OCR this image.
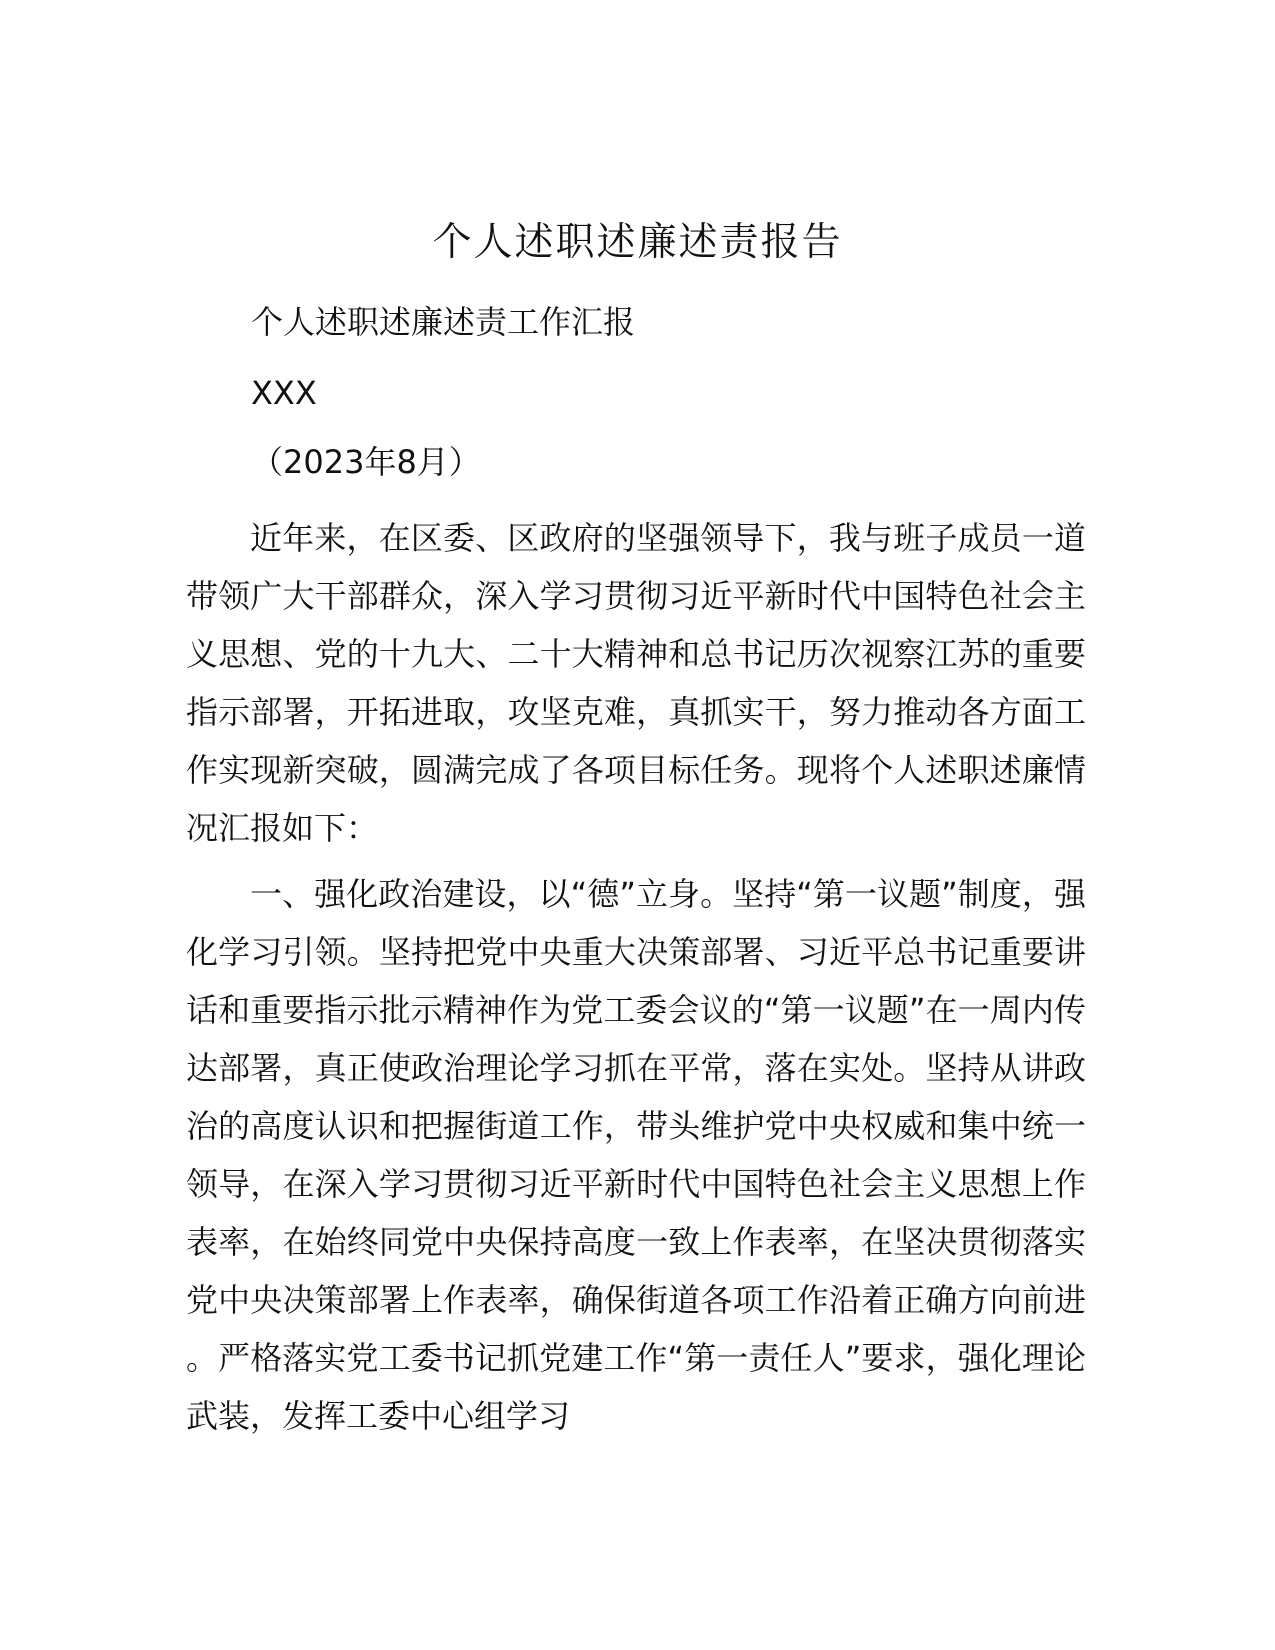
个人述职述廉述责报告

个人述职述廉述责工作汇报

XXX

（2023年8月）

近年来，在区委、区政府的坚强领导下，我与班子成员一道带领广大干部群众，深入学习贯彻习近平新时代中国特色社会主义思想、党的十九大、二十大精神和总书记历次视察江苏的重要指示部署，开拓进取，攻坚克难，真抓实干，努力推动各方面工作实现新突破，圆满完成了各项目标任务。现将个人述职述廉情况汇报如下：

一、强化政治建设，以“德”立身。坚持“第一议题”制度，强化学习引领。坚持把党中央重大决策部署、习近平总书记重要讲话和重要指示批示精神作为党工委会议的“第一议题”在一周内传达部署，真正使政治理论学习抓在平常，落在实处。坚持从讲政治的高度认识和把握街道工作，带头维护党中央权威和集中统一领导，在深入学习贯彻习近平新时代中国特色社会主义思想上作表率，在始终同党中央保持高度一致上作表率，在坚决贯彻落实党中央决策部署上作表率，确保街道各项工作沿着正确方向前进。严格落实党工委书记抓党建工作“第一责任人”要求，强化理论武装，发挥工委中心组学习
